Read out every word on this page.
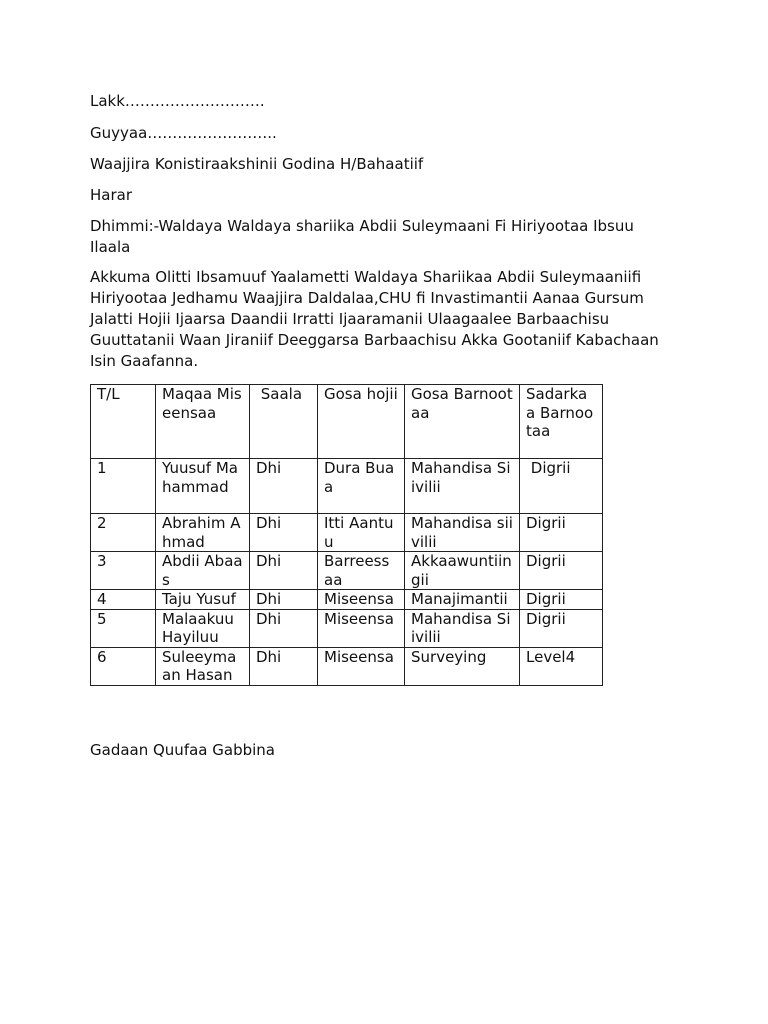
Lakk……………………….
Guyyaa……………………..
Waajjira Konistiraakshinii Godina H/Bahaatiif
Harar
Dhimmi:-Waldaya Waldaya shariika Abdii Suleymaani Fi Hiriyootaa Ibsuu Ilaala
Akkuma Olitti Ibsamuuf Yaalametti Waldaya Shariikaa Abdii Suleymaaniifi Hiriyootaa Jedhamu Waajjira Daldalaa,CHU fi Invastimantii Aanaa Gursum Jalatti Hojii Ijaarsa Daandii Irratti Ijaaramanii Ulaagaalee Barbaachisu Guuttatanii Waan Jiraniif Deeggarsa Barbaachisu Akka Gootaniif Kabachaan Isin Gaafanna.
T/L	Maqaa Miseensaa	Saala	Gosa hojii	Gosa Barnootaa	Sadarkaa Barnootaa
1	Yuusuf Mahammad	Dhi	Dura Buaa	Mahandisa Siivilii	Digrii
2	Abrahim Ahmad	Dhi	Itti Aantuu	Mahandisa siivilii	Digrii
3	Abdii Abaas	Dhi	Barreessaa	Akkaawuntiingii	Digrii
4	Taju Yusuf	Dhi	Miseensa	Manajimantii	Digrii
5	Malaakuu Hayiluu	Dhi	Miseensa	Mahandisa Siivilii	Digrii
6	Suleeymaan Hasan	Dhi	Miseensa	Surveying	Level4
Gadaan Quufaa Gabbina
